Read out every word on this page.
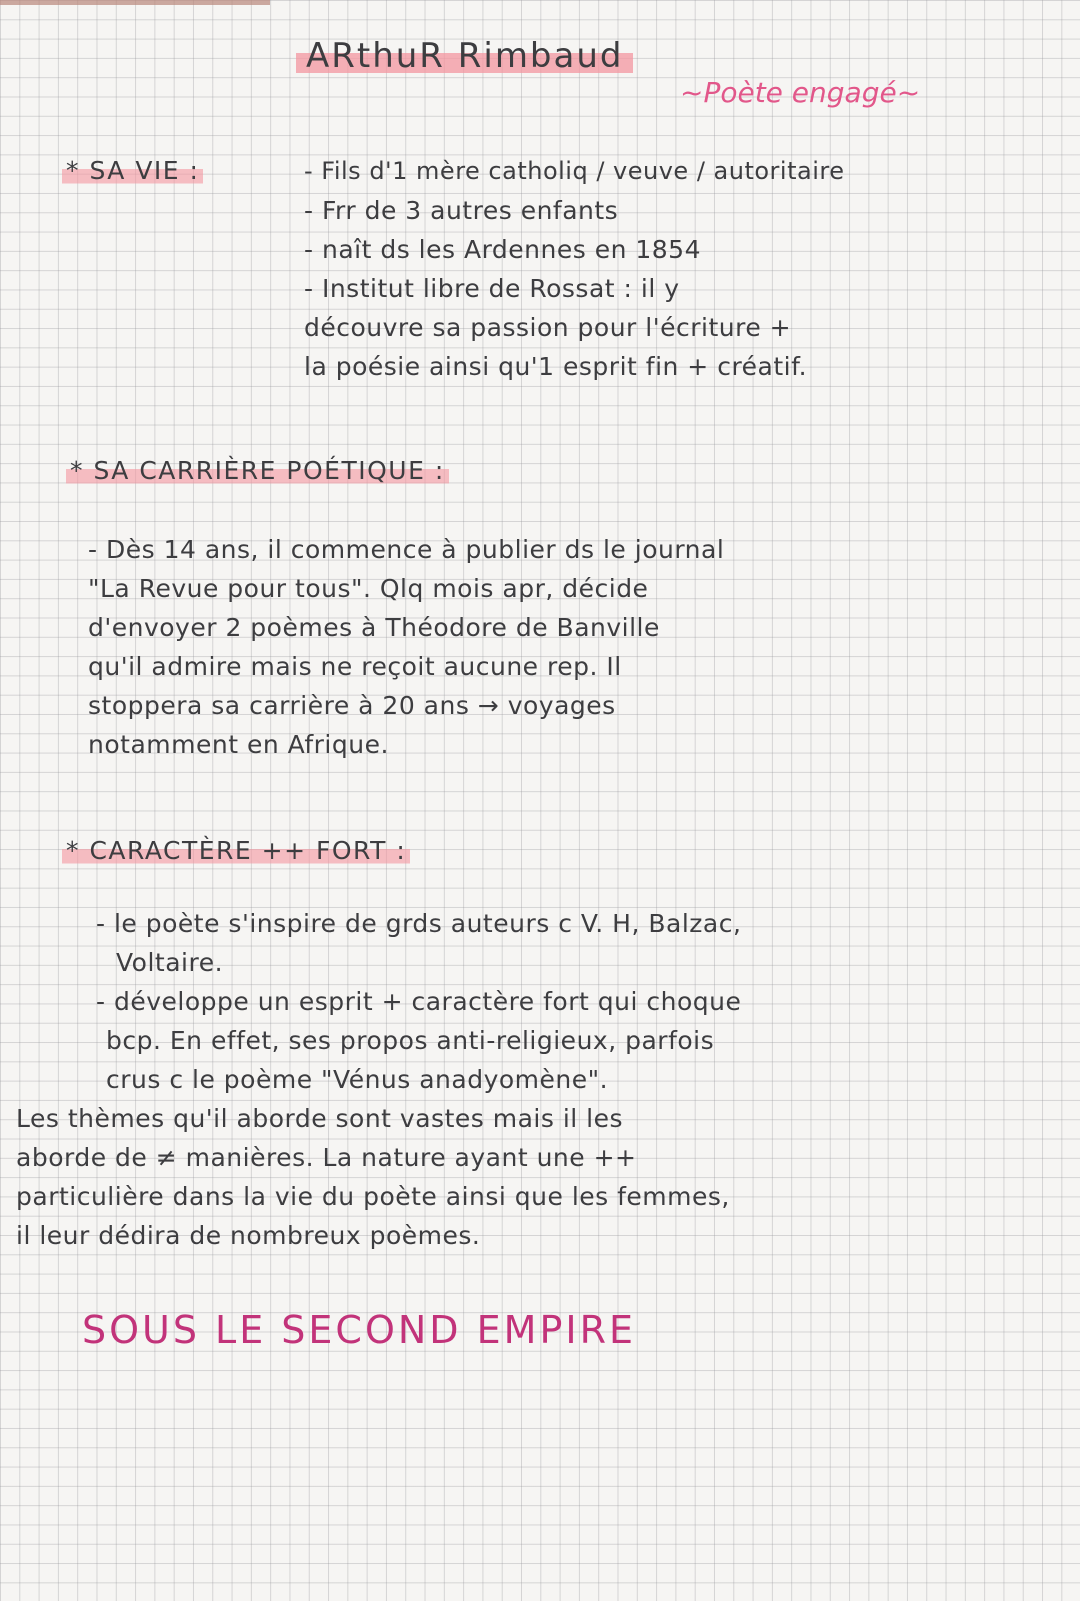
ARthuR Rimbaud
~Poète engagé~
* SA VIE :	- Fils d'1 mère catholiq / veuve / autoritaire
- Frr de 3 autres enfants
- naît ds les Ardennes en 1854
- Institut libre de Rossat : il y
découvre sa passion pour l'écriture +
la poésie ainsi qu'1 esprit fin + créatif.
* SA CARRIÈRE POÉTIQUE :
- Dès 14 ans, il commence à publier ds le journal
"La Revue pour tous". Qlq mois apr, décide
d'envoyer 2 poèmes à Théodore de Banville
qu'il admire mais ne reçoit aucune rep. Il
stoppera sa carrière à 20 ans → voyages
notamment en Afrique.
* CARACTÈRE ++ FORT :
- le poète s'inspire de grds auteurs c V. H, Balzac,
Voltaire.
- développe un esprit + caractère fort qui choque
bcp. En effet, ses propos anti-religieux, parfois
crus c le poème "Vénus anadyomène".
Les thèmes qu'il aborde sont vastes mais il les
aborde de ≠ manières. La nature ayant une ++
particulière dans la vie du poète ainsi que les femmes,
il leur dédira de nombreux poèmes.
SOUS LE SECOND EMPIRE
